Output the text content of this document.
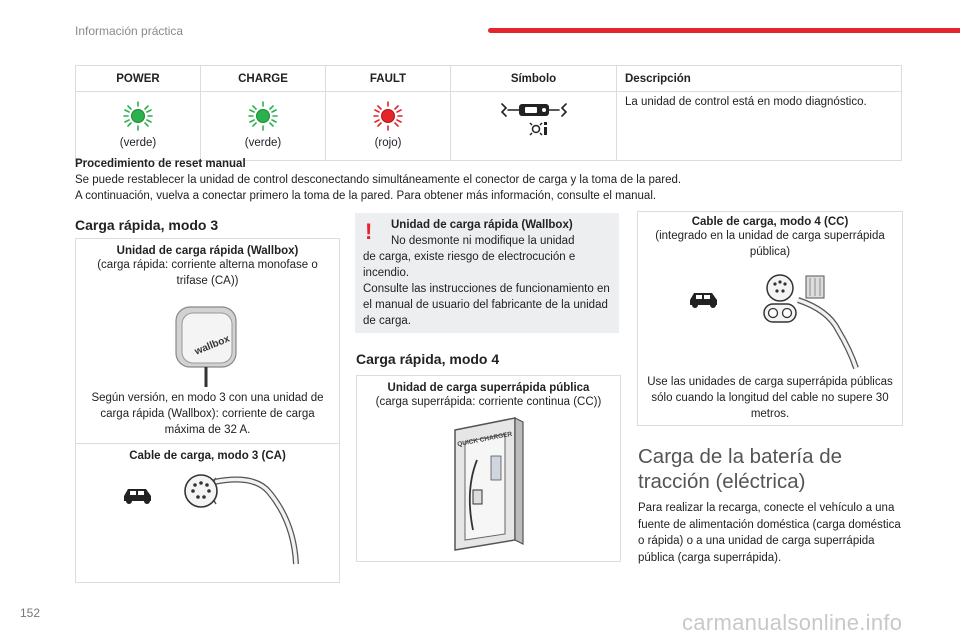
Información práctica
POWER	CHARGE	FAULT	Símbolo	Descripción

(verde)	(verde)	(rojo)		La unidad de control está en modo diagnóstico.
Procedimiento de reset manual
Se puede restablecer la unidad de control desconectando simultáneamente el conector de carga y la toma de la pared.
A continuación, vuelva a conectar primero la toma de la pared. Para obtener más información, consulte el manual.
Carga rápida, modo 3
Unidad de carga rápida (Wallbox)
(carga rápida: corriente alterna monofase o trifase (CA))
wallbox
Según versión, en modo 3 con una unidad de carga rápida (Wallbox): corriente de carga máxima de 32 A.
Cable de carga, modo 3 (CA)
!	Unidad de carga rápida (Wallbox)
No desmonte ni modifique la unidad
de carga, existe riesgo de electrocución e incendio.
Consulte las instrucciones de funcionamiento en el manual de usuario del fabricante de la unidad de carga.
Carga rápida, modo 4
Unidad de carga superrápida pública
(carga superrápida: corriente continua (CC))
QUICK CHARGER
Cable de carga, modo 4 (CC)
(integrado en la unidad de carga superrápida pública)
Use las unidades de carga superrápida públicas sólo cuando la longitud del cable no supere 30 metros.
Carga de la batería de tracción (eléctrica)
Para realizar la recarga, conecte el vehículo a una fuente de alimentación doméstica (carga doméstica o rápida) o a una unidad de carga superrápida pública (carga superrápida).
152	carmanualsonline.info
